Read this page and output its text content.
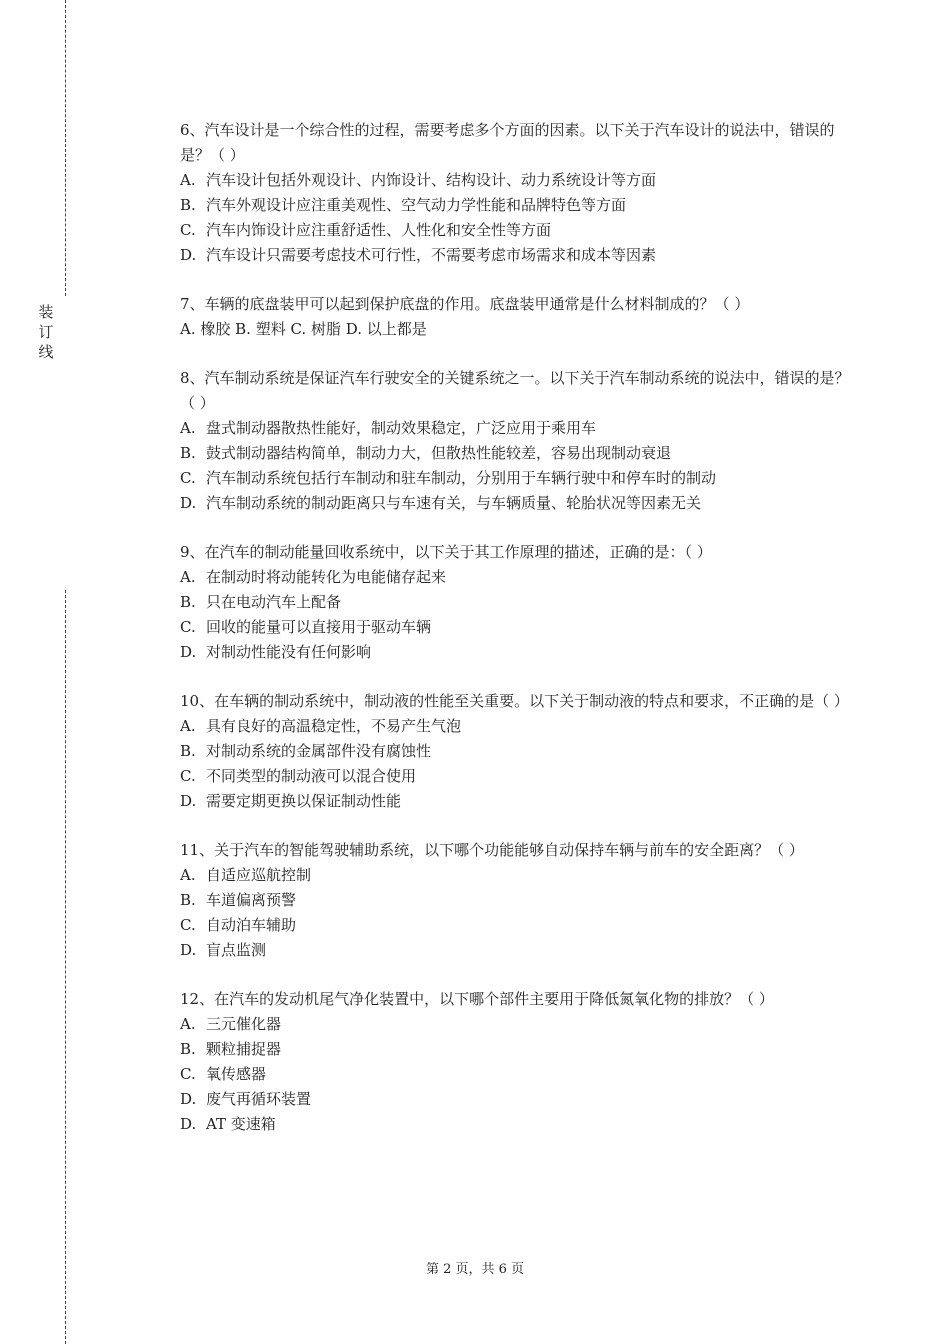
装
订
线
6、汽车设计是一个综合性的过程，需要考虑多个方面的因素。以下关于汽车设计的说法中，错误的是？（ ）
A. 汽车设计包括外观设计、内饰设计、结构设计、动力系统设计等方面
B. 汽车外观设计应注重美观性、空气动力学性能和品牌特色等方面
C. 汽车内饰设计应注重舒适性、人性化和安全性等方面
D. 汽车设计只需要考虑技术可行性，不需要考虑市场需求和成本等因素
7、车辆的底盘装甲可以起到保护底盘的作用。底盘装甲通常是什么材料制成的？（ ）
A. 橡胶 B. 塑料 C. 树脂 D. 以上都是
8、汽车制动系统是保证汽车行驶安全的关键系统之一。以下关于汽车制动系统的说法中，错误的是？（ ）
A. 盘式制动器散热性能好，制动效果稳定，广泛应用于乘用车
B. 鼓式制动器结构简单，制动力大，但散热性能较差，容易出现制动衰退
C. 汽车制动系统包括行车制动和驻车制动，分别用于车辆行驶中和停车时的制动
D. 汽车制动系统的制动距离只与车速有关，与车辆质量、轮胎状况等因素无关
9、在汽车的制动能量回收系统中，以下关于其工作原理的描述，正确的是：（ ）
A. 在制动时将动能转化为电能储存起来
B. 只在电动汽车上配备
C. 回收的能量可以直接用于驱动车辆
D. 对制动性能没有任何影响
10、在车辆的制动系统中，制动液的性能至关重要。以下关于制动液的特点和要求，不正确的是（ ）
A. 具有良好的高温稳定性，不易产生气泡
B. 对制动系统的金属部件没有腐蚀性
C. 不同类型的制动液可以混合使用
D. 需要定期更换以保证制动性能
11、关于汽车的智能驾驶辅助系统，以下哪个功能能够自动保持车辆与前车的安全距离？（ ）
A. 自适应巡航控制
B. 车道偏离预警
C. 自动泊车辅助
D. 盲点监测
12、在汽车的发动机尾气净化装置中，以下哪个部件主要用于降低氮氧化物的排放？（ ）
A. 三元催化器
B. 颗粒捕捉器
C. 氧传感器
D. 废气再循环装置
D. AT 变速箱
第 2 页，共 6 页
